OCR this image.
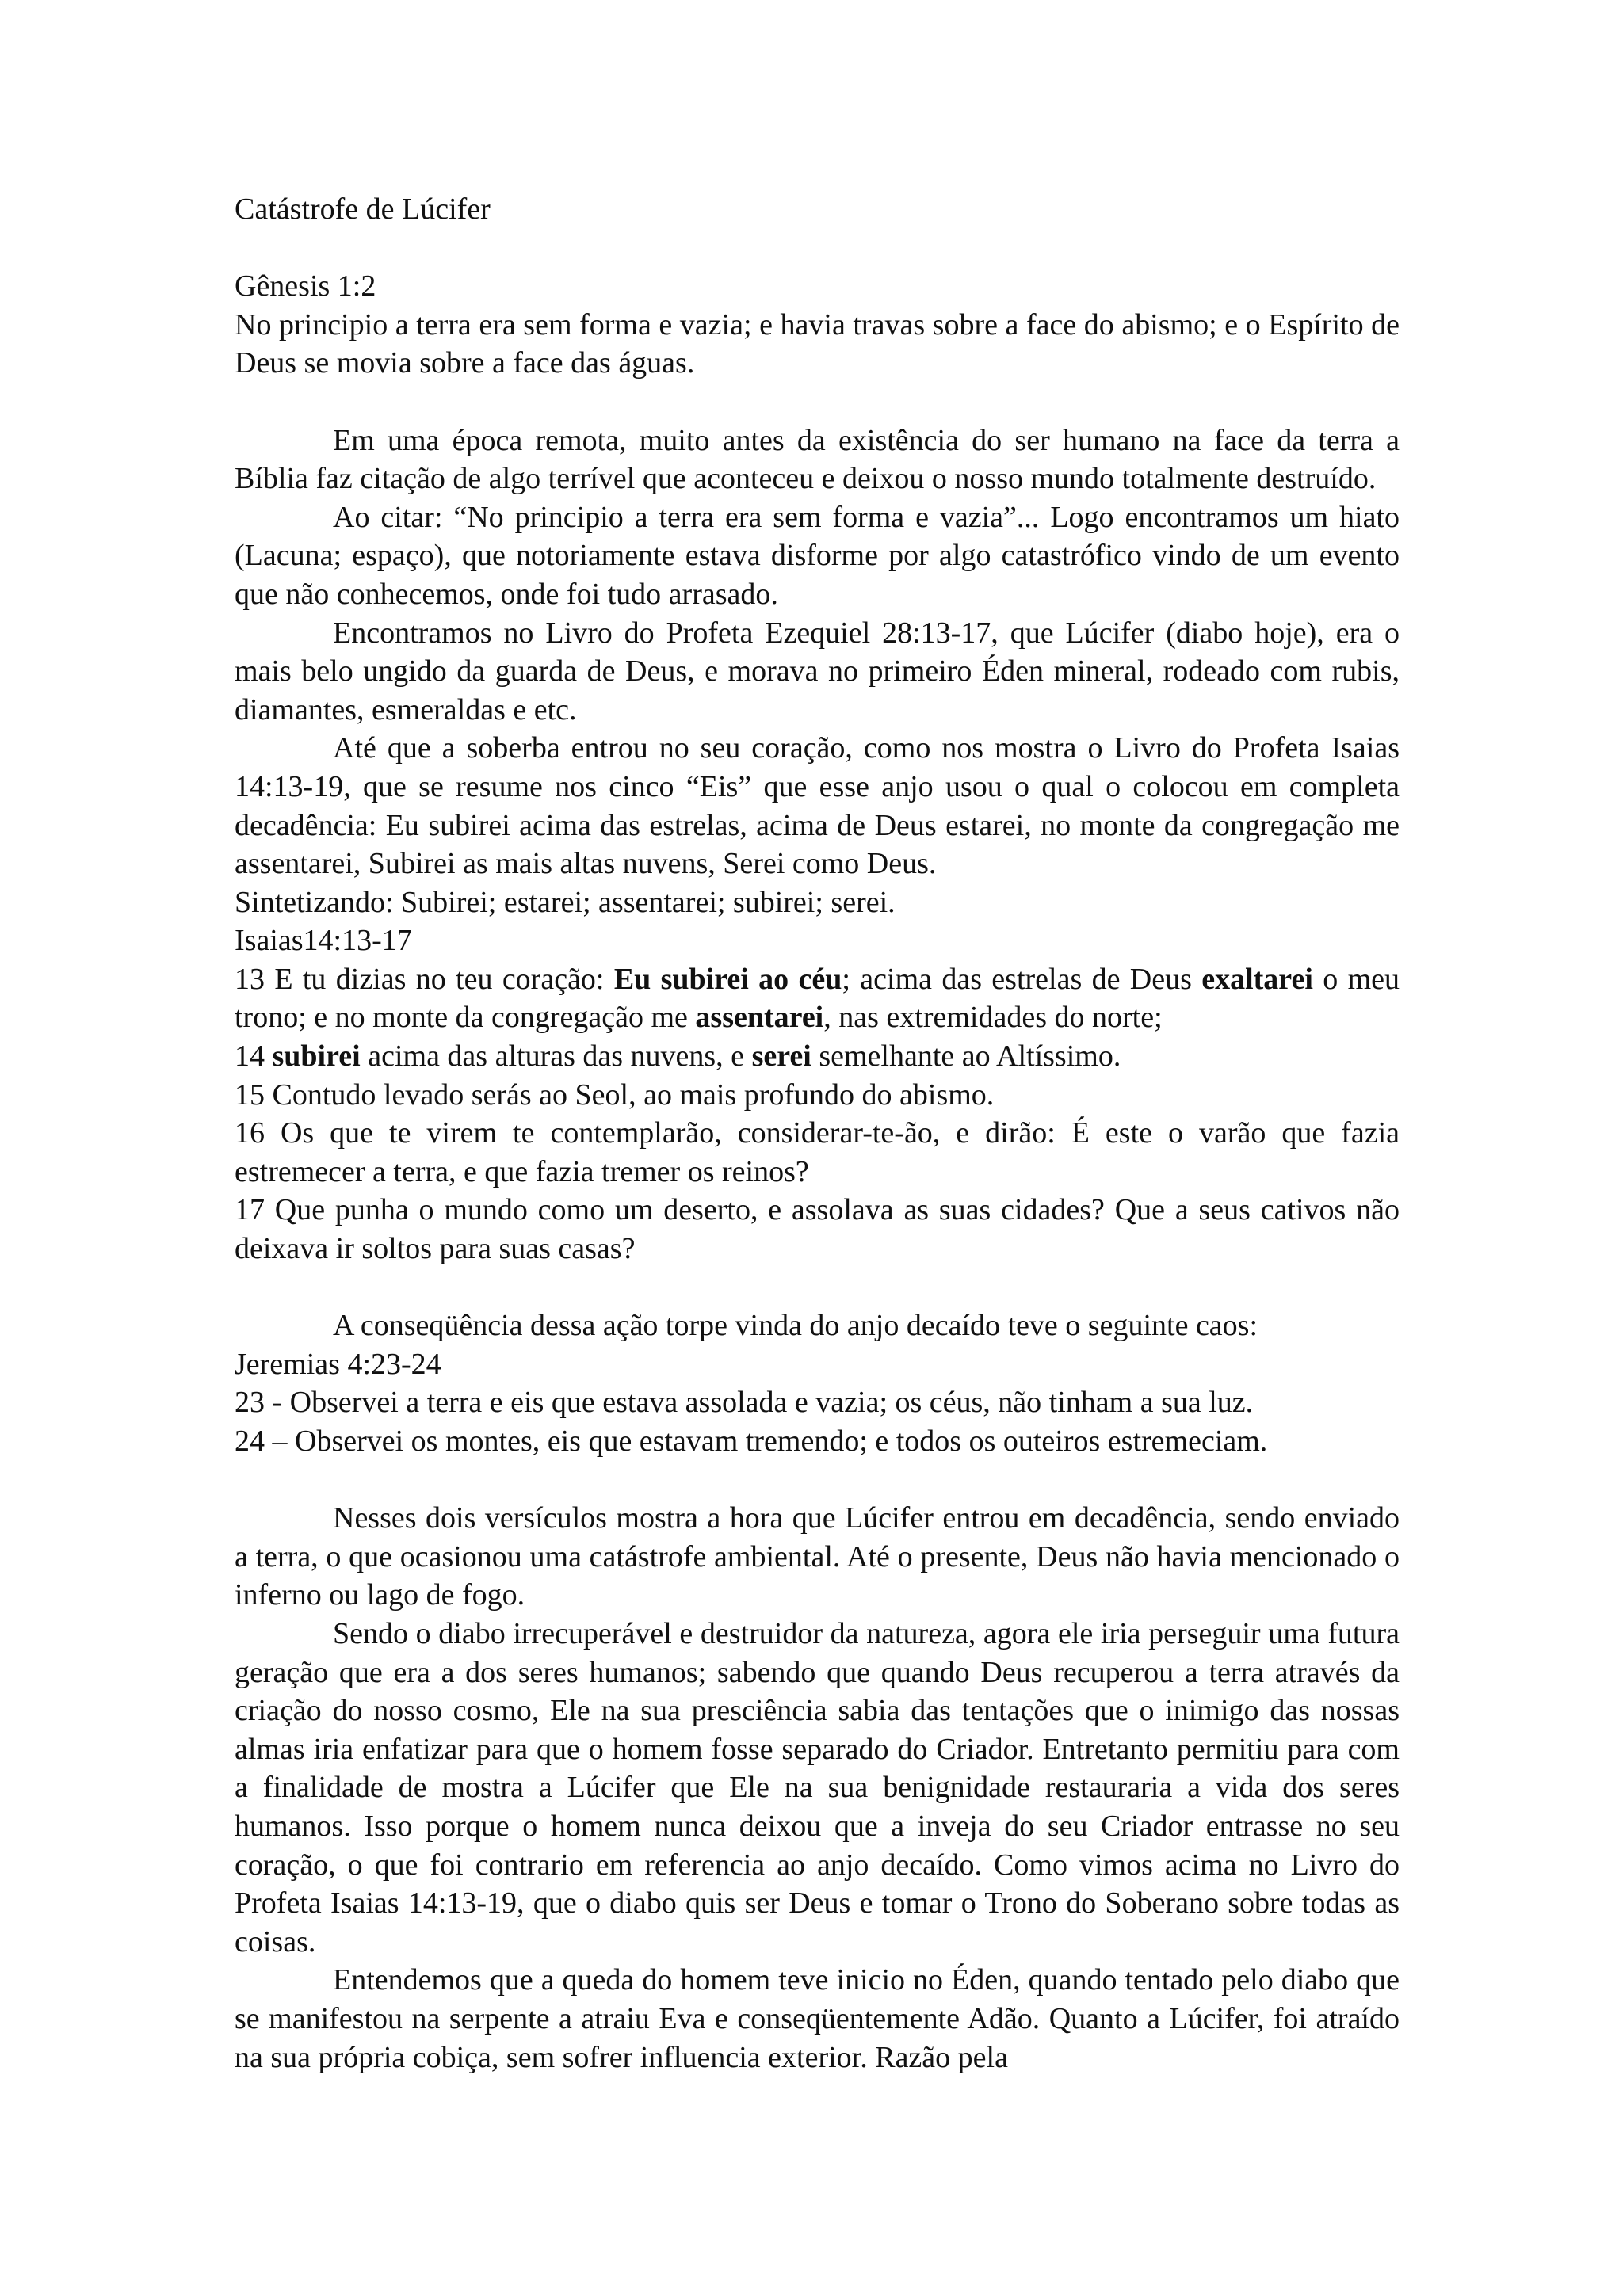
Catástrofe de Lúcifer

Gênesis 1:2

No principio a terra era sem forma e vazia; e havia travas sobre a face do abismo; e o Espírito de Deus se movia sobre a face das águas.

Em uma época remota, muito antes da existência do ser humano na face da terra a Bíblia faz citação de algo terrível que aconteceu e deixou o nosso mundo totalmente destruído.

Ao citar: “No principio a terra era sem forma e vazia”... Logo encontramos um hiato (Lacuna; espaço), que notoriamente estava disforme por algo catastrófico vindo de um evento que não conhecemos, onde foi tudo arrasado.

Encontramos no Livro do Profeta Ezequiel 28:13-17, que Lúcifer (diabo hoje), era o mais belo ungido da guarda de Deus, e morava no primeiro Éden mineral, rodeado com rubis, diamantes, esmeraldas e etc.

Até que a soberba entrou no seu coração, como nos mostra o Livro do Profeta Isaias 14:13-19, que se resume nos cinco “Eis” que esse anjo usou o qual o colocou em completa decadência: Eu subirei acima das estrelas, acima de Deus estarei, no monte da congregação me assentarei, Subirei as mais altas nuvens, Serei como Deus.

Sintetizando: Subirei; estarei; assentarei; subirei; serei.

Isaias14:13-17

13 E tu dizias no teu coração: Eu subirei ao céu; acima das estrelas de Deus exaltarei o meu trono; e no monte da congregação me assentarei, nas extremidades do norte;

14 subirei acima das alturas das nuvens, e serei semelhante ao Altíssimo.

15 Contudo levado serás ao Seol, ao mais profundo do abismo.

16 Os que te virem te contemplarão, considerar-te-ão, e dirão: É este o varão que fazia estremecer a terra, e que fazia tremer os reinos?

17 Que punha o mundo como um deserto, e assolava as suas cidades? Que a seus cativos não deixava ir soltos para suas casas?

A conseqüência dessa ação torpe vinda do anjo decaído teve o seguinte caos:

Jeremias 4:23-24

23 - Observei a terra e eis que estava assolada e vazia; os céus, não tinham a sua luz.

24 – Observei os montes, eis que estavam tremendo; e todos os outeiros estremeciam.

Nesses dois versículos mostra a hora que Lúcifer entrou em decadência, sendo enviado a terra, o que ocasionou uma catástrofe ambiental. Até o presente, Deus não havia mencionado o inferno ou lago de fogo.

Sendo o diabo irrecuperável e destruidor da natureza, agora ele iria perseguir uma futura geração que era a dos seres humanos; sabendo que quando Deus recuperou a terra através da criação do nosso cosmo, Ele na sua presciência sabia das tentações que o inimigo das nossas almas iria enfatizar para que o homem fosse separado do Criador. Entretanto permitiu para com a finalidade de mostra a Lúcifer que Ele na sua benignidade restauraria a vida dos seres humanos. Isso porque o homem nunca deixou que a inveja do seu Criador entrasse no seu coração, o que foi contrario em referencia ao anjo decaído. Como vimos acima no Livro do Profeta Isaias 14:13-19, que o diabo quis ser Deus e tomar o Trono do Soberano sobre todas as coisas.

Entendemos que a queda do homem teve inicio no Éden, quando tentado pelo diabo que se manifestou na serpente a atraiu Eva e conseqüentemente Adão. Quanto a Lúcifer, foi atraído na sua própria cobiça, sem sofrer influencia exterior. Razão pela
